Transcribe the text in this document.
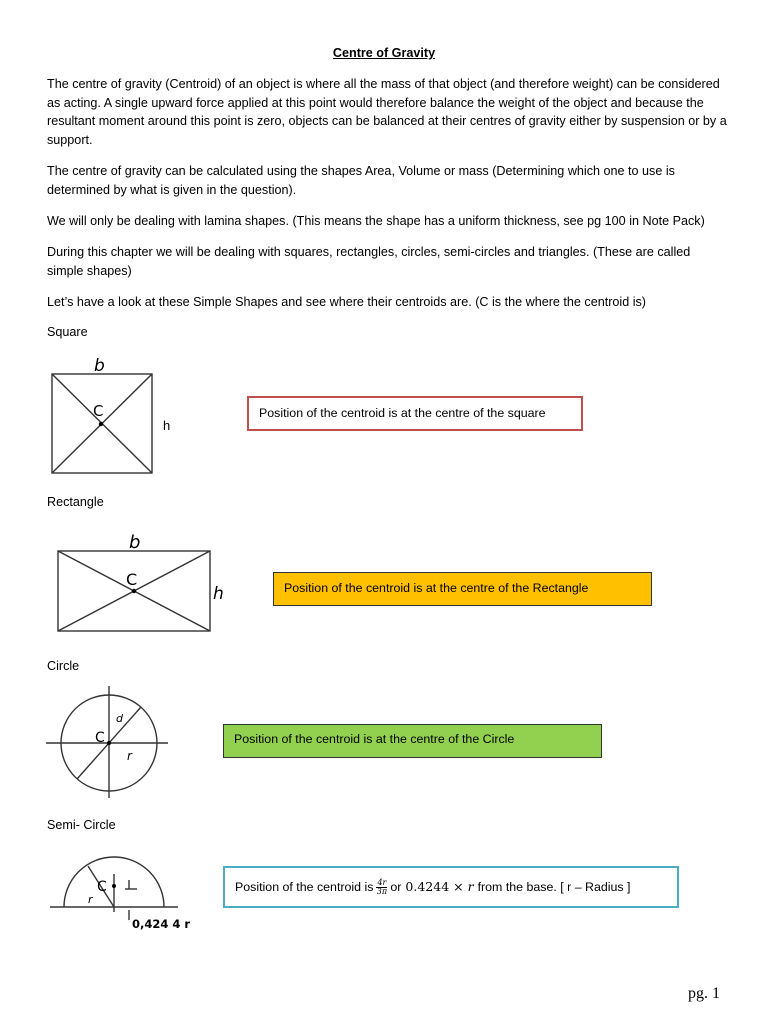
Centre of Gravity

The centre of gravity (Centroid) of an object is where all the mass of that object (and therefore weight) can be considered as acting. A single upward force applied at this point would therefore balance the weight of the object and because the resultant moment around this point is zero, objects can be balanced at their centres of gravity either by suspension or by a support.

The centre of gravity can be calculated using the shapes Area, Volume or mass (Determining which one to use is determined by what is given in the question).

We will only be dealing with lamina shapes. (This means the shape has a uniform thickness, see pg 100 in Note Pack)

During this chapter we will be dealing with squares, rectangles, circles, semi-circles and triangles. (These are called simple shapes)

Let’s have a look at these Simple Shapes and see where their centroids are. (C is the where the centroid is)

Square

b
C
h
Position of the centroid is at the centre of the square

Rectangle

b
C
h	Position of the centroid is at the centre of the Rectangle

Circle

C
d
r
Position of the centroid is at the centre of the Circle

Semi- Circle

C
r
0,424 4 r
Position of the centroid is $\frac{4r}{3\pi}$ or 0.4244 × r from the base. [ r – Radius ]
pg. 1
